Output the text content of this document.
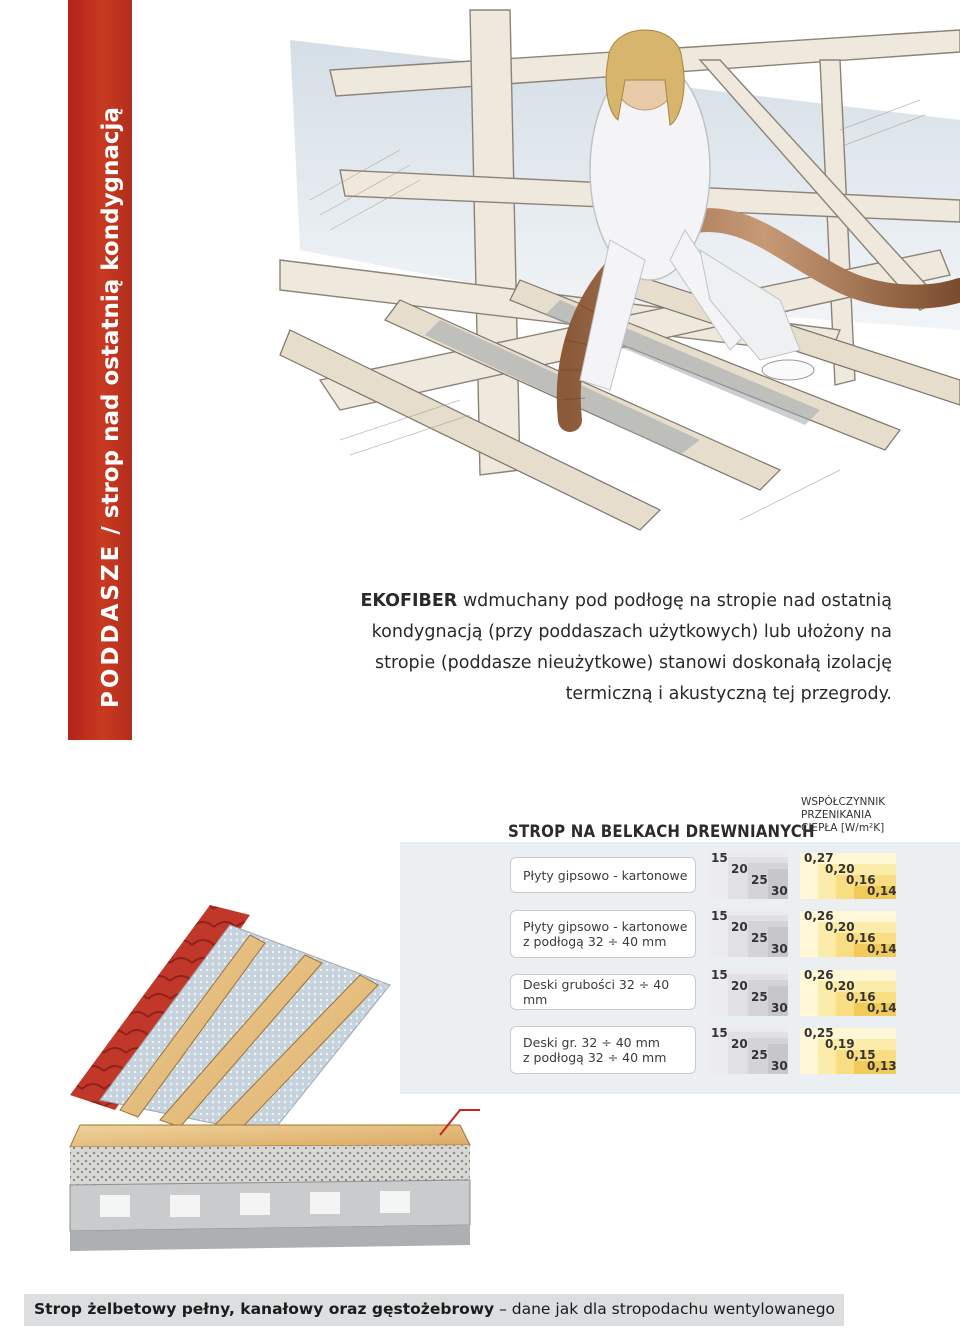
PODDASZE / strop nad ostatnią kondygnacją

EKOFIBER wdmuchany pod podłogę na stropie nad ostatnią kondygnacją (przy poddaszach użytkowych) lub ułożony na stropie (poddasze nieużytkowe) stanowi doskonałą izolację termiczną i akustyczną tej przegrody.

STROP NA BELKACH DREWNIANYCH
WSPÓŁCZYNNIK
PRZENIKANIA
CIEPŁA [W/m²K]
Płyty gipsowo - kartonowe
Płyty gipsowo - kartonowe
z podłogą 32 ÷ 40 mm
Deski grubości 32 ÷ 40 mm
Deski gr. 32 ÷ 40 mm
z podłogą 32 ÷ 40 mm
15
20
25
30
15
20
25
30
15
20
25
30
15
20
25
30
0,27
0,20
0,16
0,14
0,26
0,20
0,16
0,14
0,26
0,20
0,16
0,14
0,25
0,19
0,15
0,13
Strop żelbetowy pełny, kanałowy oraz gęstożebrowy – dane jak dla stropodachu wentylowanego
